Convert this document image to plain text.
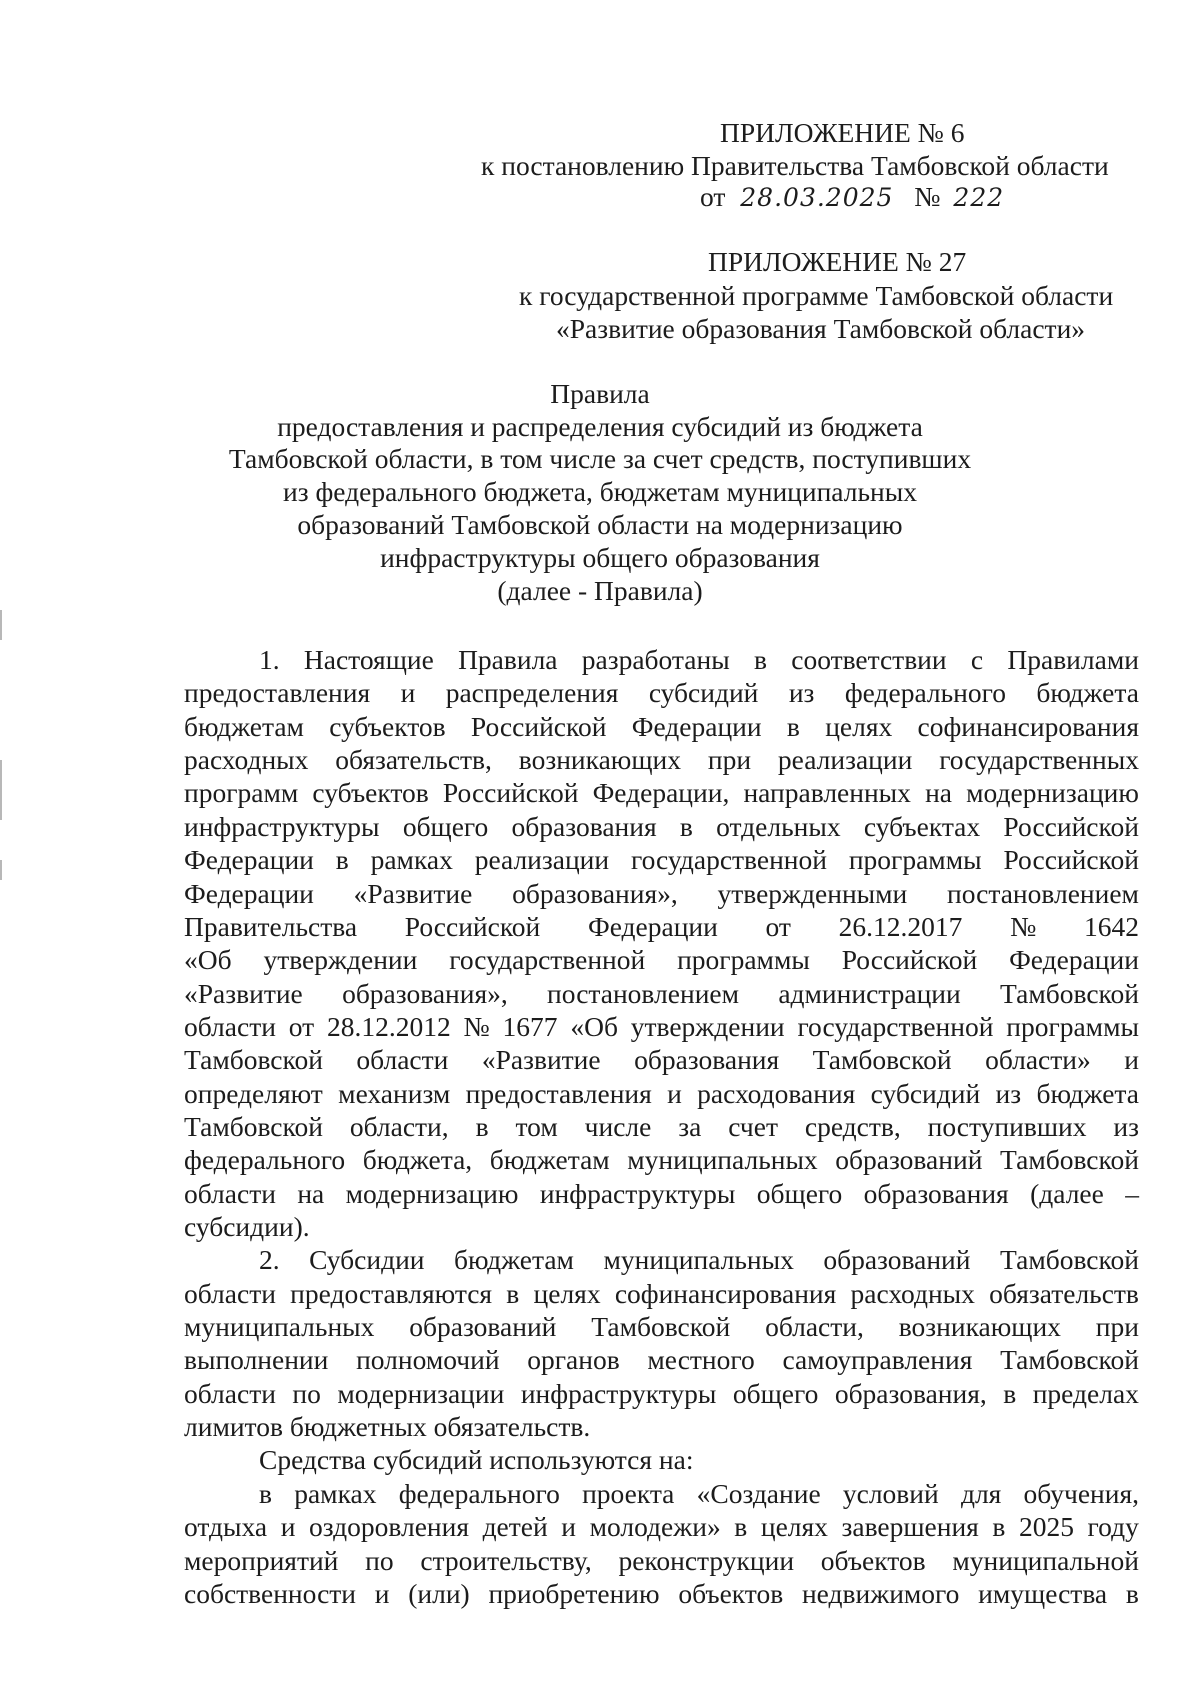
ПРИЛОЖЕНИЕ № 6
к постановлению Правительства Тамбовской области
от 28.03.2025 № 222
ПРИЛОЖЕНИЕ № 27
к государственной программе Тамбовской области
«Развитие образования Тамбовской области»
Правила
предоставления и распределения субсидий из бюджета
Тамбовской области, в том числе за счет средств, поступивших
из федерального бюджета, бюджетам муниципальных
образований Тамбовской области на модернизацию
инфраструктуры общего образования
(далее - Правила)
1. Настоящие Правила разработаны в соответствии с Правилами
предоставления и распределения субсидий из федерального бюджета
бюджетам субъектов Российской Федерации в целях софинансирования
расходных обязательств, возникающих при реализации государственных
программ субъектов Российской Федерации, направленных на модернизацию
инфраструктуры общего образования в отдельных субъектах Российской
Федерации в рамках реализации государственной программы Российской
Федерации «Развитие образования», утвержденными постановлением
Правительства Российской Федерации от 26.12.2017 № 1642
«Об утверждении государственной программы Российской Федерации
«Развитие образования», постановлением администрации Тамбовской
области от 28.12.2012 № 1677 «Об утверждении государственной программы
Тамбовской области «Развитие образования Тамбовской области» и
определяют механизм предоставления и расходования субсидий из бюджета
Тамбовской области, в том числе за счет средств, поступивших из
федерального бюджета, бюджетам муниципальных образований Тамбовской
области на модернизацию инфраструктуры общего образования (далее –
субсидии).
2. Субсидии бюджетам муниципальных образований Тамбовской
области предоставляются в целях софинансирования расходных обязательств
муниципальных образований Тамбовской области, возникающих при
выполнении полномочий органов местного самоуправления Тамбовской
области по модернизации инфраструктуры общего образования, в пределах
лимитов бюджетных обязательств.
Средства субсидий используются на:
в рамках федерального проекта «Создание условий для обучения,
отдыха и оздоровления детей и молодежи» в целях завершения в 2025 году
мероприятий по строительству, реконструкции объектов муниципальной
собственности и (или) приобретению объектов недвижимого имущества в
